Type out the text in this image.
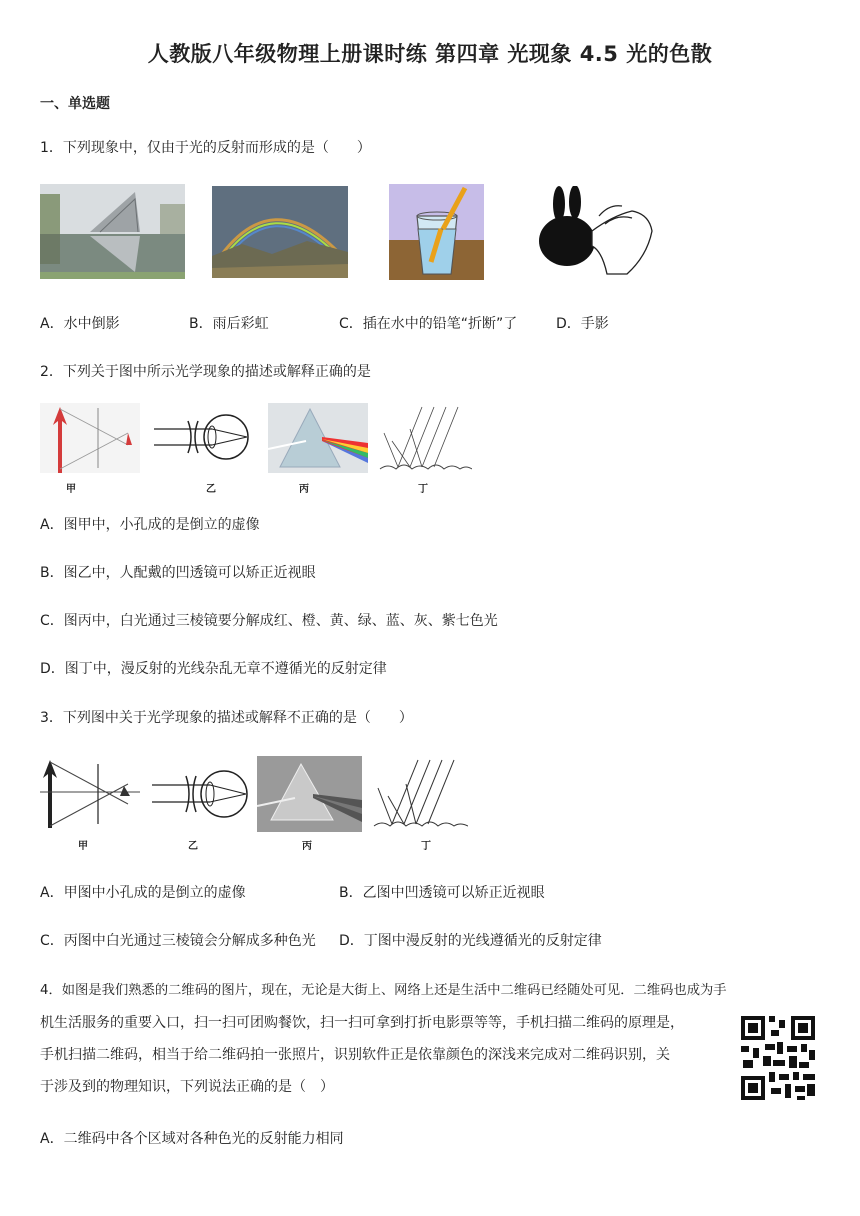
人教版八年级物理上册课时练 第四章 光现象 4.5 光的色散
一、单选题
1．下列现象中，仅由于光的反射而形成的是（　　）
A．水中倒影	B．雨后彩虹	C．插在水中的铅笔“折断”了	D．手影
2．下列关于图中所示光学现象的描述或解释正确的是
甲	乙	丙	丁
A．图甲中，小孔成的是倒立的虚像
B．图乙中，人配戴的凹透镜可以矫正近视眼
C．图丙中，白光通过三棱镜要分解成红、橙、黄、绿、蓝、灰、紫七色光
D．图丁中，漫反射的光线杂乱无章不遵循光的反射定律
3．下列图中关于光学现象的描述或解释不正确的是（　　）
甲	乙	丙	丁
A．甲图中小孔成的是倒立的虚像	B．乙图中凹透镜可以矫正近视眼
C．丙图中白光通过三棱镜会分解成多种色光 D．丁图中漫反射的光线遵循光的反射定律
4．如图是我们熟悉的二维码的图片，现在，无论是大街上、网络上还是生活中二维码已经随处可见．二维码也成为手
机生活服务的重要入口，扫一扫可团购餐饮，扫一扫可拿到打折电影票等等，手机扫描二维码的原理是，
手机扫描二维码，相当于给二维码拍一张照片，识别软件正是依靠颜色的深浅来完成对二维码识别，关
于涉及到的物理知识，下列说法正确的是（　）
A．二维码中各个区域对各种色光的反射能力相同
